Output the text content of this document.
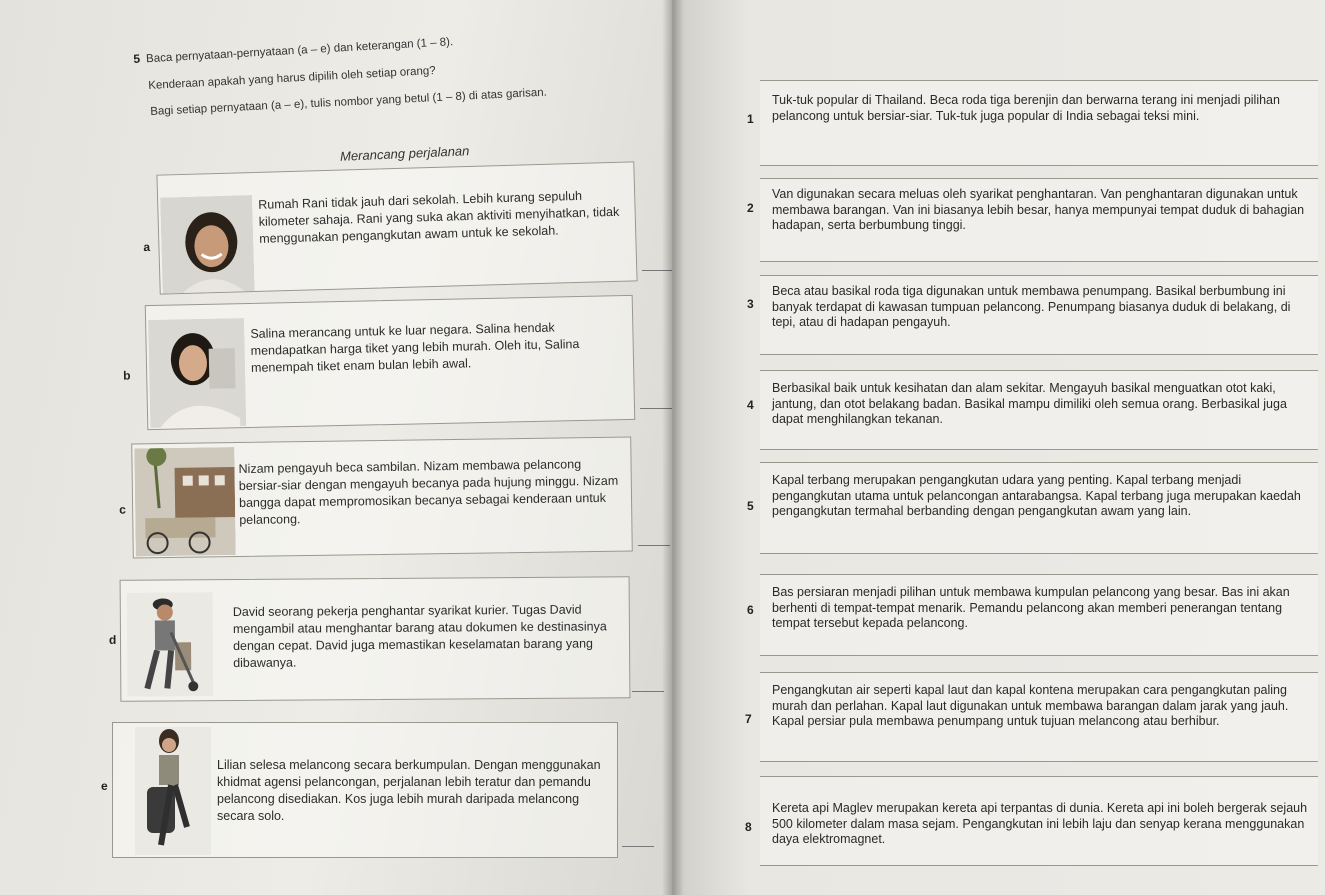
5 Baca pernyataan-pernyataan (a – e) dan keterangan (1 – 8).
Kenderaan apakah yang harus dipilih oleh setiap orang?
Bagi setiap pernyataan (a – e), tulis nombor yang betul (1 – 8) di atas garisan.
Merancang perjalanan
a
Rumah Rani tidak jauh dari sekolah. Lebih kurang sepuluh kilometer sahaja. Rani yang suka akan aktiviti menyihatkan, tidak menggunakan pengangkutan awam untuk ke sekolah.
b
Salina merancang untuk ke luar negara. Salina hendak mendapatkan harga tiket yang lebih murah. Oleh itu, Salina menempah tiket enam bulan lebih awal.
c
Nizam pengayuh beca sambilan. Nizam membawa pelancong bersiar-siar dengan mengayuh becanya pada hujung minggu. Nizam bangga dapat mempromosikan becanya sebagai kenderaan untuk pelancong.
d
David seorang pekerja penghantar syarikat kurier. Tugas David mengambil atau menghantar barang atau dokumen ke destinasinya dengan cepat. David juga memastikan keselamatan barang yang dibawanya.
e
Lilian selesa melancong secara berkumpulan. Dengan menggunakan khidmat agensi pelancongan, perjalanan lebih teratur dan pemandu pelancong disediakan. Kos juga lebih murah daripada melancong secara solo.
1
Tuk-tuk popular di Thailand. Beca roda tiga berenjin dan berwarna terang ini menjadi pilihan pelancong untuk bersiar-siar. Tuk-tuk juga popular di India sebagai teksi mini.
2
Van digunakan secara meluas oleh syarikat penghantaran. Van penghantaran digunakan untuk membawa barangan. Van ini biasanya lebih besar, hanya mempunyai tempat duduk di bahagian hadapan, serta berbumbung tinggi.
3
Beca atau basikal roda tiga digunakan untuk membawa penumpang. Basikal berbumbung ini banyak terdapat di kawasan tumpuan pelancong. Penumpang biasanya duduk di belakang, di tepi, atau di hadapan pengayuh.
4
Berbasikal baik untuk kesihatan dan alam sekitar. Mengayuh basikal menguatkan otot kaki, jantung, dan otot belakang badan. Basikal mampu dimiliki oleh semua orang. Berbasikal juga dapat menghilangkan tekanan.
5
Kapal terbang merupakan pengangkutan udara yang penting. Kapal terbang menjadi pengangkutan utama untuk pelancongan antarabangsa. Kapal terbang juga merupakan kaedah pengangkutan termahal berbanding dengan pengangkutan awam yang lain.
6
Bas persiaran menjadi pilihan untuk membawa kumpulan pelancong yang besar. Bas ini akan berhenti di tempat-tempat menarik. Pemandu pelancong akan memberi penerangan tentang tempat tersebut kepada pelancong.
7
Pengangkutan air seperti kapal laut dan kapal kontena merupakan cara pengangkutan paling murah dan perlahan. Kapal laut digunakan untuk membawa barangan dalam jarak yang jauh. Kapal persiar pula membawa penumpang untuk tujuan melancong atau berhibur.
8
Kereta api Maglev merupakan kereta api terpantas di dunia. Kereta api ini boleh bergerak sejauh 500 kilometer dalam masa sejam. Pengangkutan ini lebih laju dan senyap kerana menggunakan daya elektromagnet.
